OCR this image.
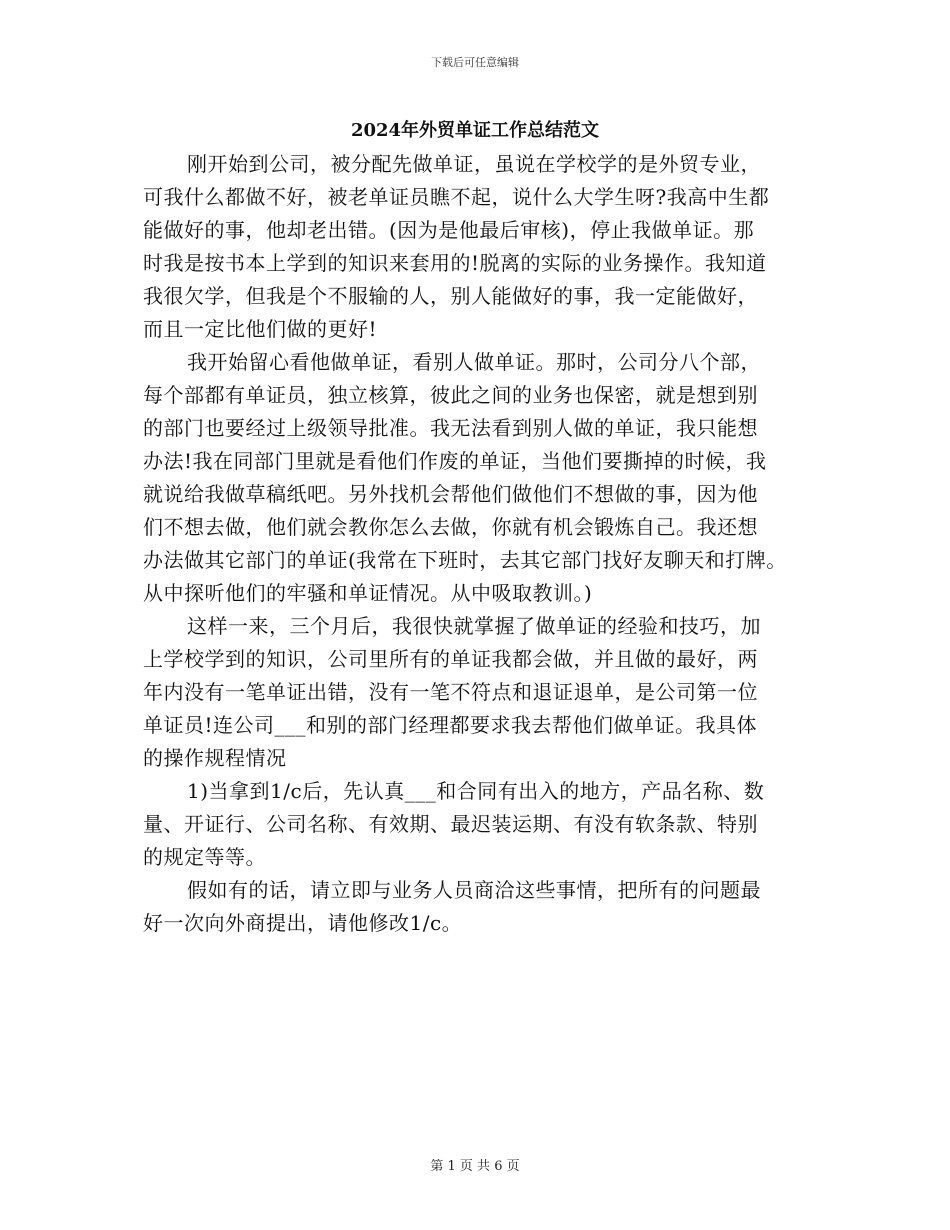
下载后可任意编辑
2024年外贸单证工作总结范文
刚开始到公司，被分配先做单证，虽说在学校学的是外贸专业，
可我什么都做不好，被老单证员瞧不起，说什么大学生呀?我高中生都
能做好的事，他却老出错。(因为是他最后审核)，停止我做单证。那
时我是按书本上学到的知识来套用的!脱离的实际的业务操作。我知道
我很欠学，但我是个不服输的人，别人能做好的事，我一定能做好，
而且一定比他们做的更好!
我开始留心看他做单证，看别人做单证。那时，公司分八个部，
每个部都有单证员，独立核算，彼此之间的业务也保密，就是想到别
的部门也要经过上级领导批准。我无法看到别人做的单证，我只能想
办法!我在同部门里就是看他们作废的单证，当他们要撕掉的时候，我
就说给我做草稿纸吧。另外找机会帮他们做他们不想做的事，因为他
们不想去做，他们就会教你怎么去做，你就有机会锻炼自己。我还想
办法做其它部门的单证(我常在下班时，去其它部门找好友聊天和打牌。
从中探听他们的牢骚和单证情况。从中吸取教训。)
这样一来，三个月后，我很快就掌握了做单证的经验和技巧，加
上学校学到的知识，公司里所有的单证我都会做，并且做的最好，两
年内没有一笔单证出错，没有一笔不符点和退证退单，是公司第一位
单证员!连公司___和别的部门经理都要求我去帮他们做单证。我具体
的操作规程情况
1)当拿到1/c后，先认真___和合同有出入的地方，产品名称、数
量、开证行、公司名称、有效期、最迟装运期、有没有软条款、特别
的规定等等。
假如有的话，请立即与业务人员商洽这些事情，把所有的问题最
好一次向外商提出，请他修改1/c。
第 1 页 共 6 页
